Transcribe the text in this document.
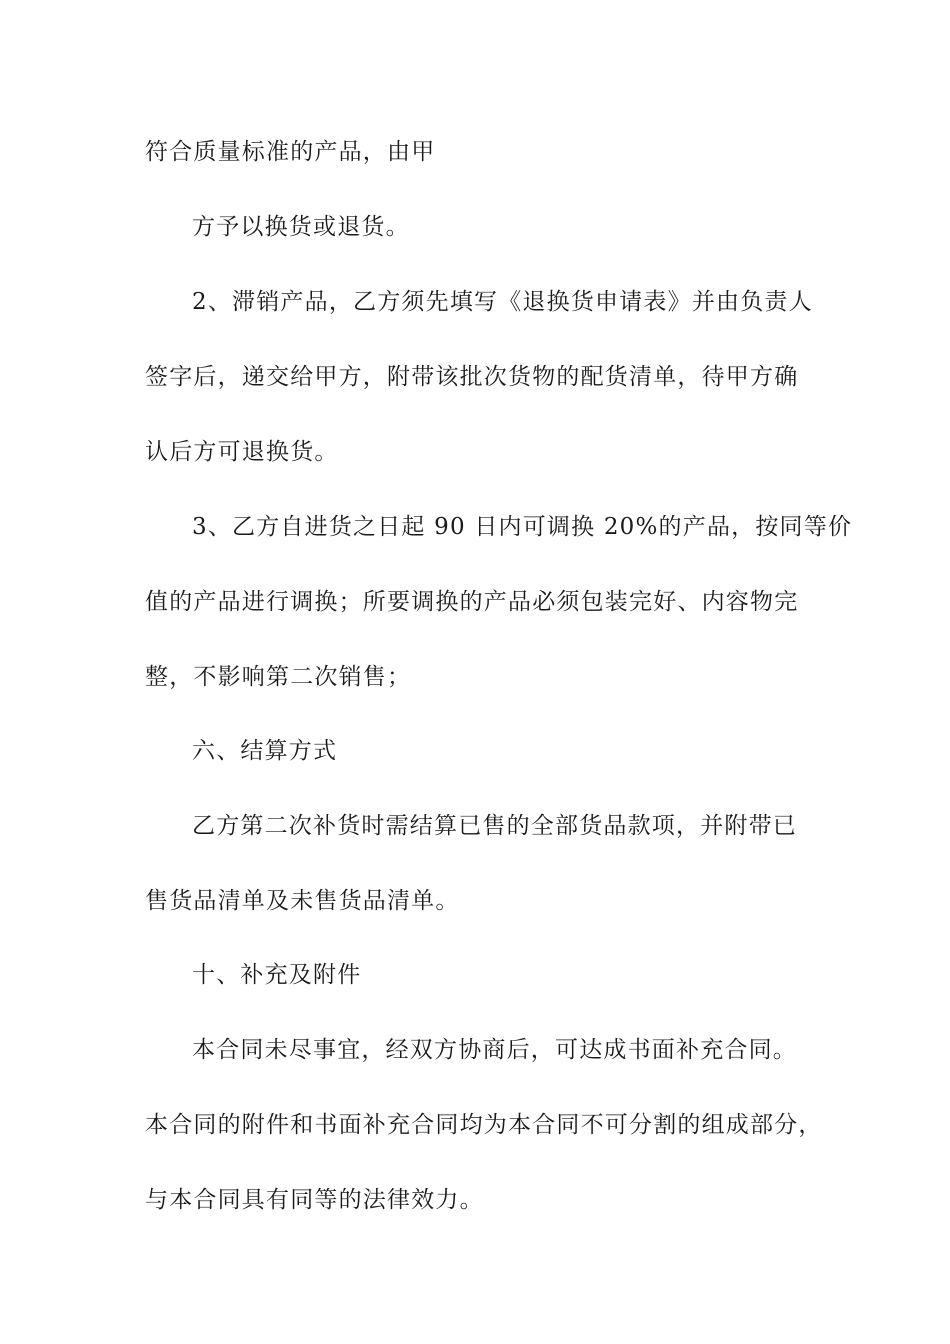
符合质量标准的产品，由甲
方予以换货或退货。
2、滞销产品，乙方须先填写《退换货申请表》并由负责人
签字后，递交给甲方，附带该批次货物的配货清单，待甲方确
认后方可退换货。
3、乙方自进货之日起 90 日内可调换 20%的产品，按同等价
值的产品进行调换；所要调换的产品必须包装完好、内容物完
整，不影响第二次销售；
六、结算方式
乙方第二次补货时需结算已售的全部货品款项，并附带已
售货品清单及未售货品清单。
十、补充及附件
本合同未尽事宜，经双方协商后，可达成书面补充合同。
本合同的附件和书面补充合同均为本合同不可分割的组成部分，
与本合同具有同等的法律效力。
